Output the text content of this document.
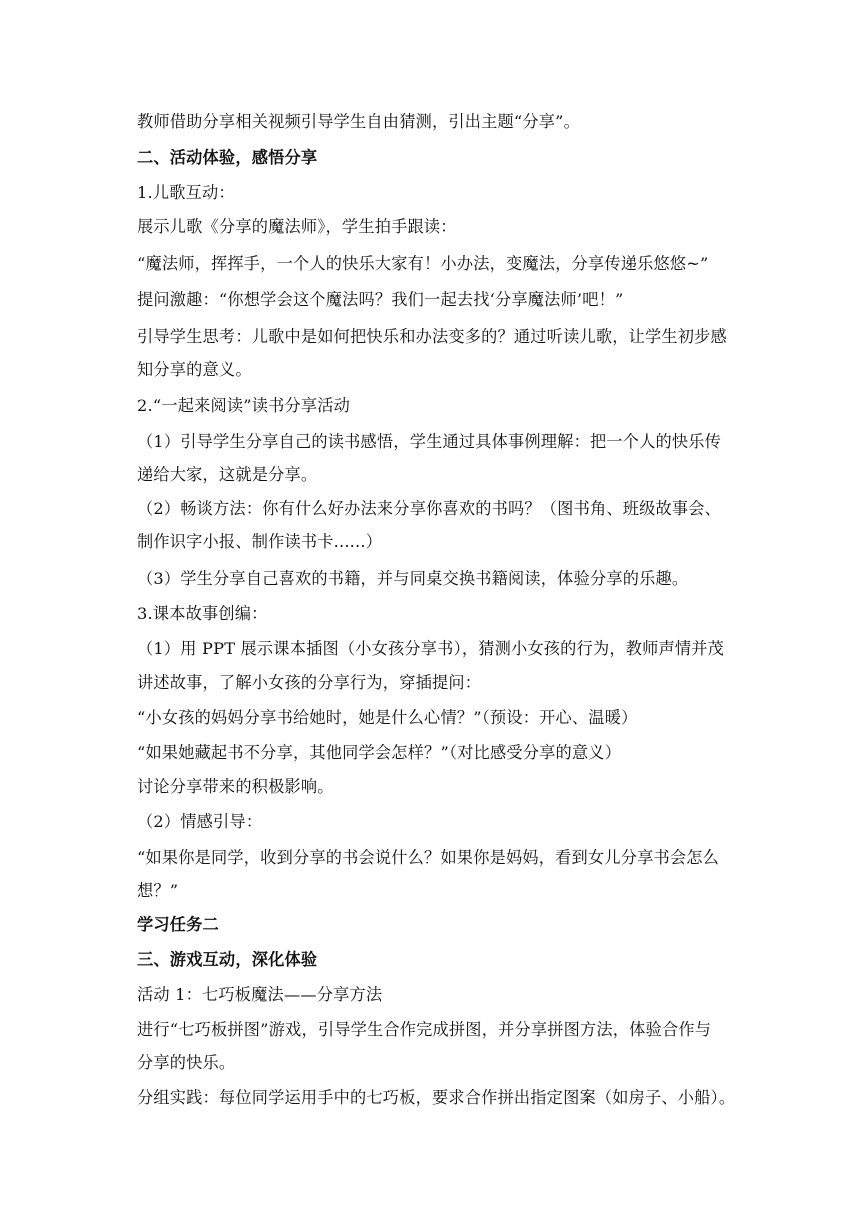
教师借助分享相关视频引导学生自由猜测，引出主题“分享”。
二、活动体验，感悟分享
1.儿歌互动：
展示儿歌《分享的魔法师》，学生拍手跟读：
“魔法师，挥挥手，一个人的快乐大家有！小办法，变魔法，分享传递乐悠悠~”
提问激趣：“你想学会这个魔法吗？我们一起去找‘分享魔法师’吧！”
引导学生思考：儿歌中是如何把快乐和办法变多的？通过听读儿歌，让学生初步感
知分享的意义。
2.“一起来阅读”读书分享活动
（1）引导学生分享自己的读书感悟，学生通过具体事例理解：把一个人的快乐传
递给大家，这就是分享。
（2）畅谈方法：你有什么好办法来分享你喜欢的书吗？（图书角、班级故事会、
制作识字小报、制作读书卡......）
（3）学生分享自己喜欢的书籍，并与同桌交换书籍阅读，体验分享的乐趣。
3.课本故事创编：
（1）用 PPT 展示课本插图（小女孩分享书），猜测小女孩的行为，教师声情并茂
讲述故事，了解小女孩的分享行为，穿插提问：
“小女孩的妈妈分享书给她时，她是什么心情？”（预设：开心、温暖）
“如果她藏起书不分享，其他同学会怎样？”（对比感受分享的意义）
讨论分享带来的积极影响。
（2）情感引导：
“如果你是同学，收到分享的书会说什么？如果你是妈妈，看到女儿分享书会怎么
想？”
学习任务二
三、游戏互动，深化体验
活动 1：七巧板魔法——分享方法
进行“七巧板拼图”游戏，引导学生合作完成拼图，并分享拼图方法，体验合作与
分享的快乐。
分组实践：每位同学运用手中的七巧板，要求合作拼出指定图案（如房子、小船）。
